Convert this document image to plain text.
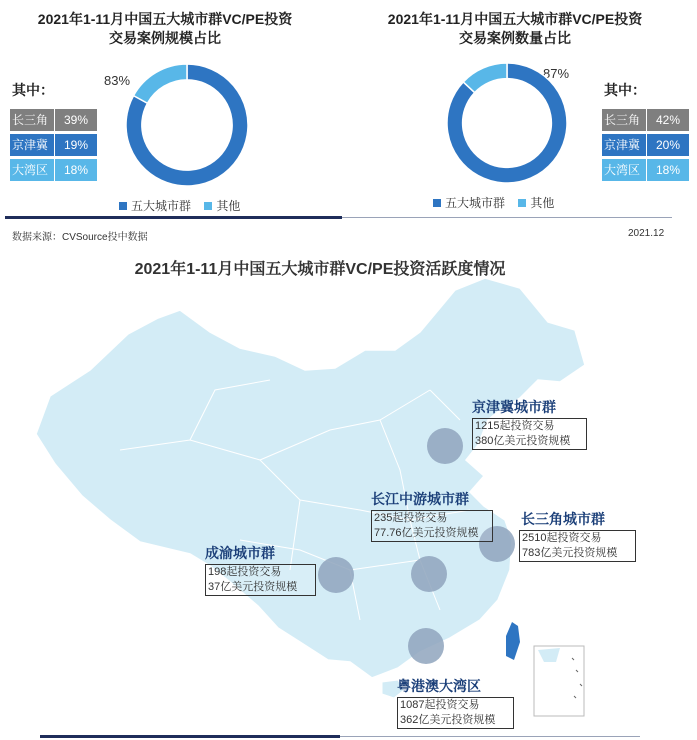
2021年1-11月中国五大城市群VC/PE投资
交易案例规模占比
83%
其中：
长三角	39%
京津冀	19%
大湾区	18%
五大城市群 其他
2021年1-11月中国五大城市群VC/PE投资
交易案例数量占比
87%
其中：
长三角	42%
京津冀	20%
大湾区	18%
五大城市群 其他
数据来源：CVSource投中数据	2021.12
2021年1-11月中国五大城市群VC/PE投资活跃度情况
京津冀城市群
1215起投资交易
380亿美元投资规模
长江中游城市群
235起投资交易
77.76亿美元投资规模
长三角城市群
2510起投资交易
783亿美元投资规模
成渝城市群
198起投资交易
37亿美元投资规模
粤港澳大湾区
1087起投资交易
362亿美元投资规模
